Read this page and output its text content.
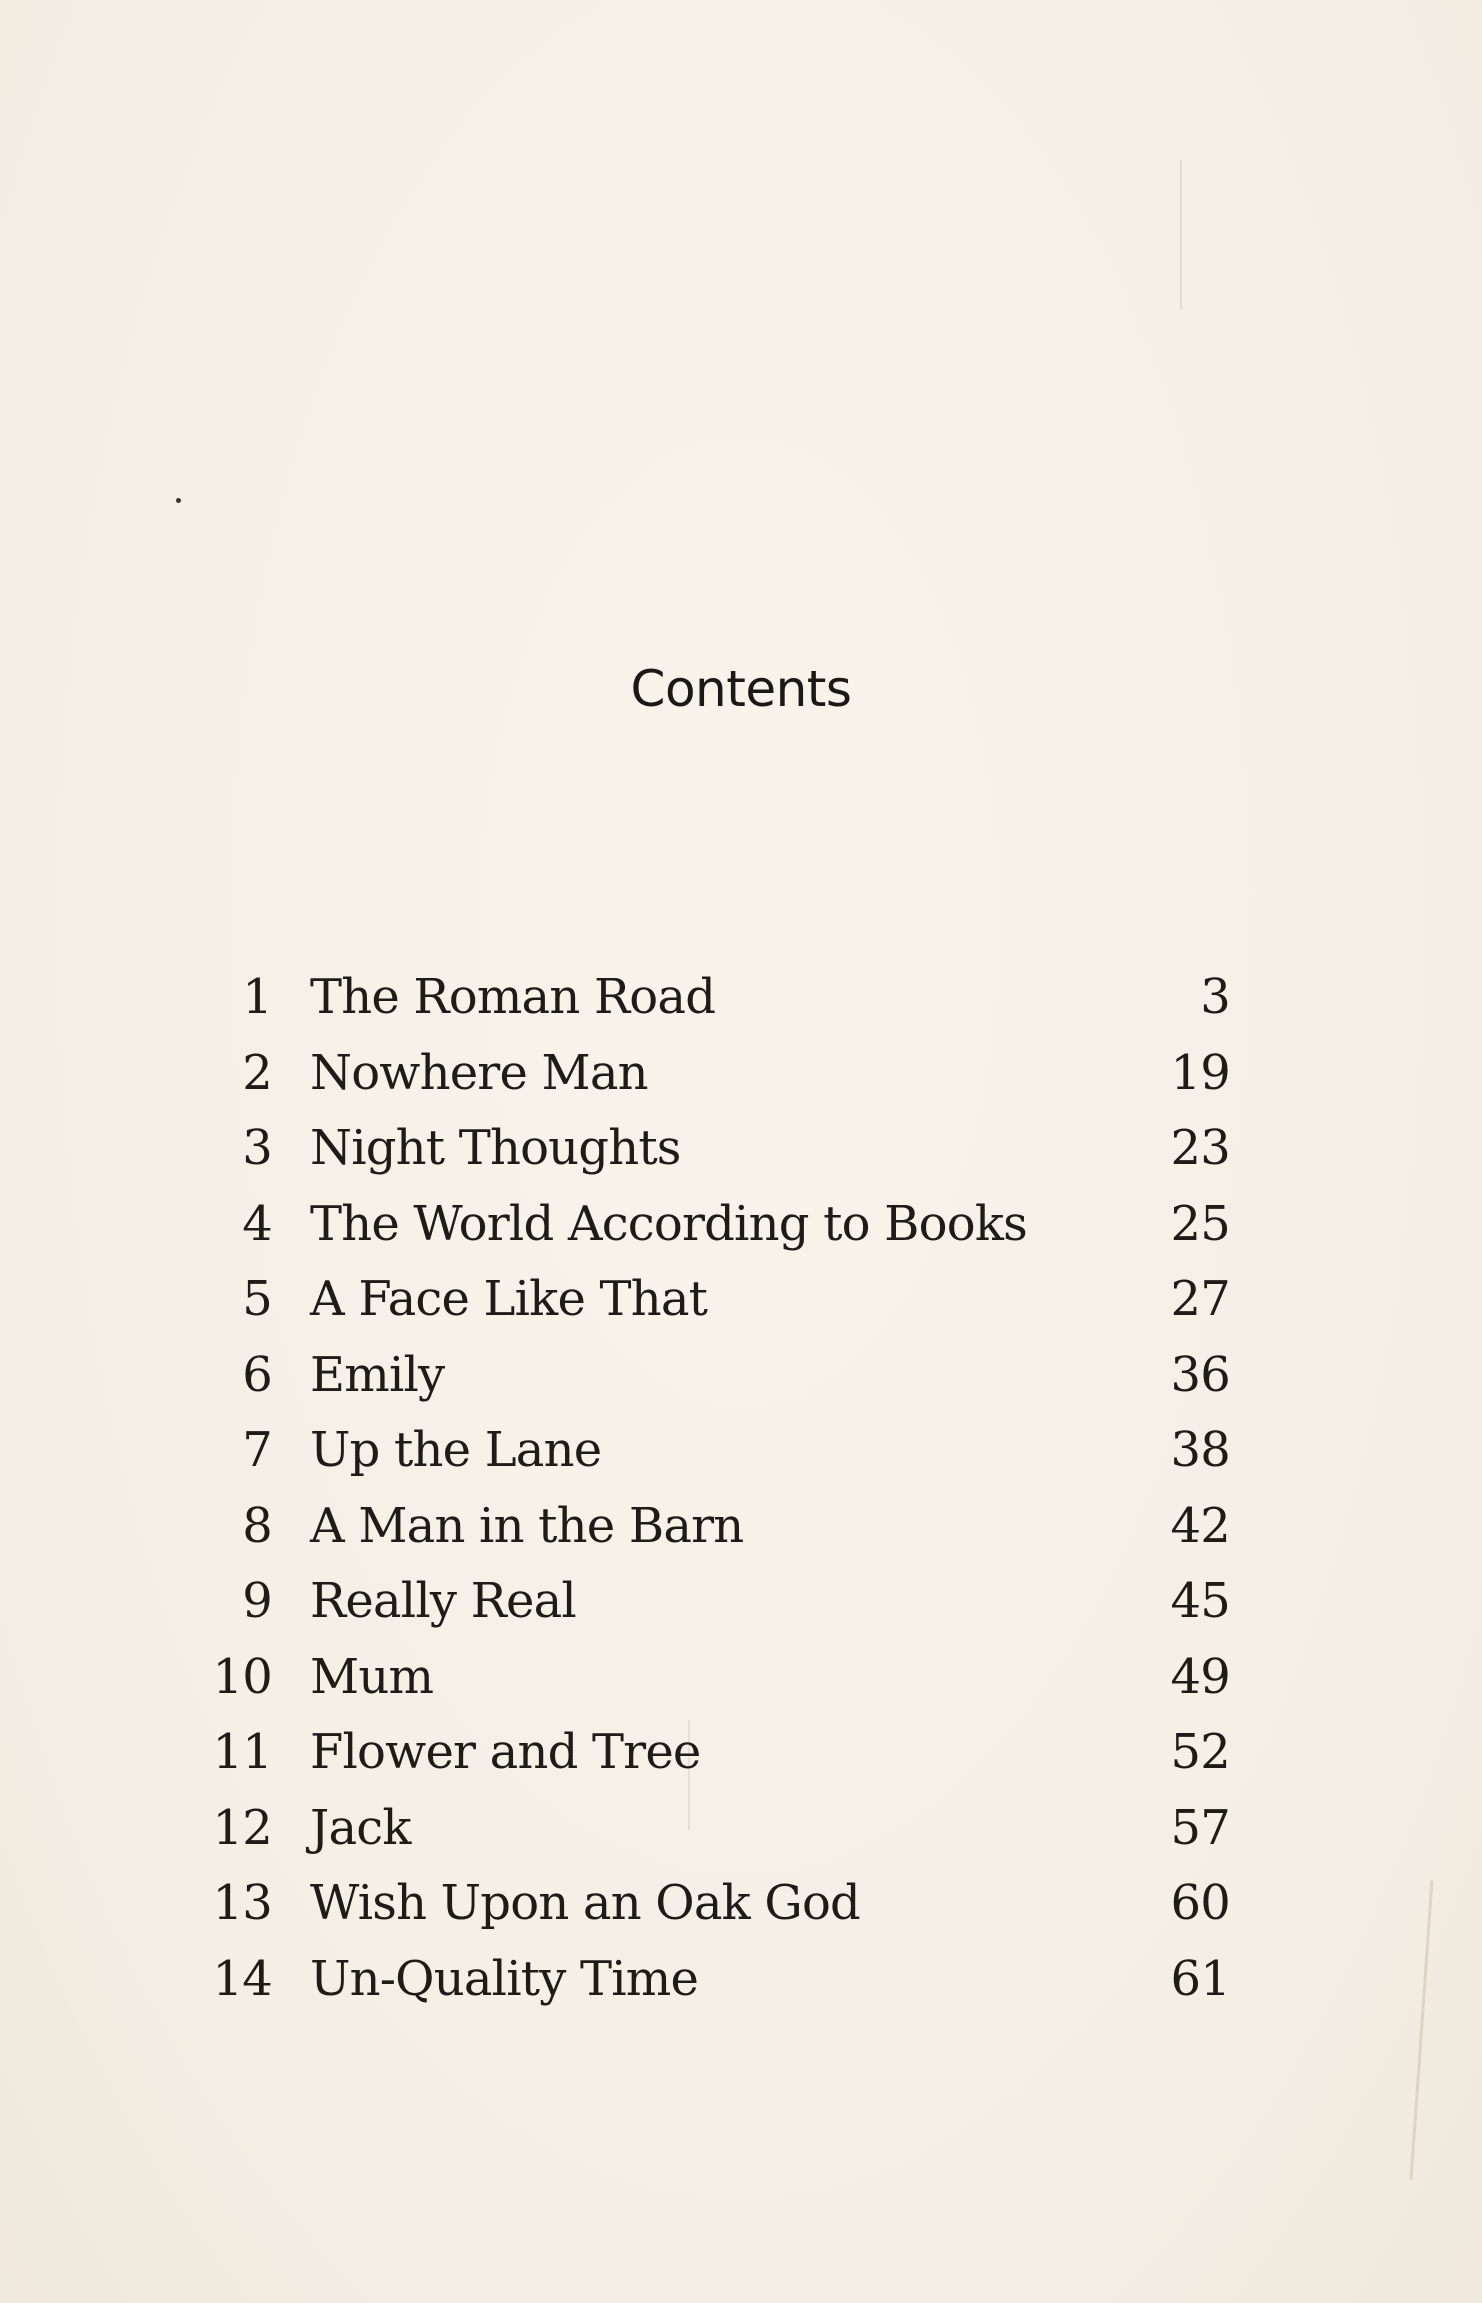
Contents
1 The Roman Road	3
2 Nowhere Man	19
3 Night Thoughts	23
4 The World According to Books	25
5 A Face Like That	27
6 Emily	36
7 Up the Lane	38
8 A Man in the Barn	42
9 Really Real	45
10 Mum	49
11 Flower and Tree	52
12 Jack	57
13 Wish Upon an Oak God	60
14 Un-Quality Time	61
